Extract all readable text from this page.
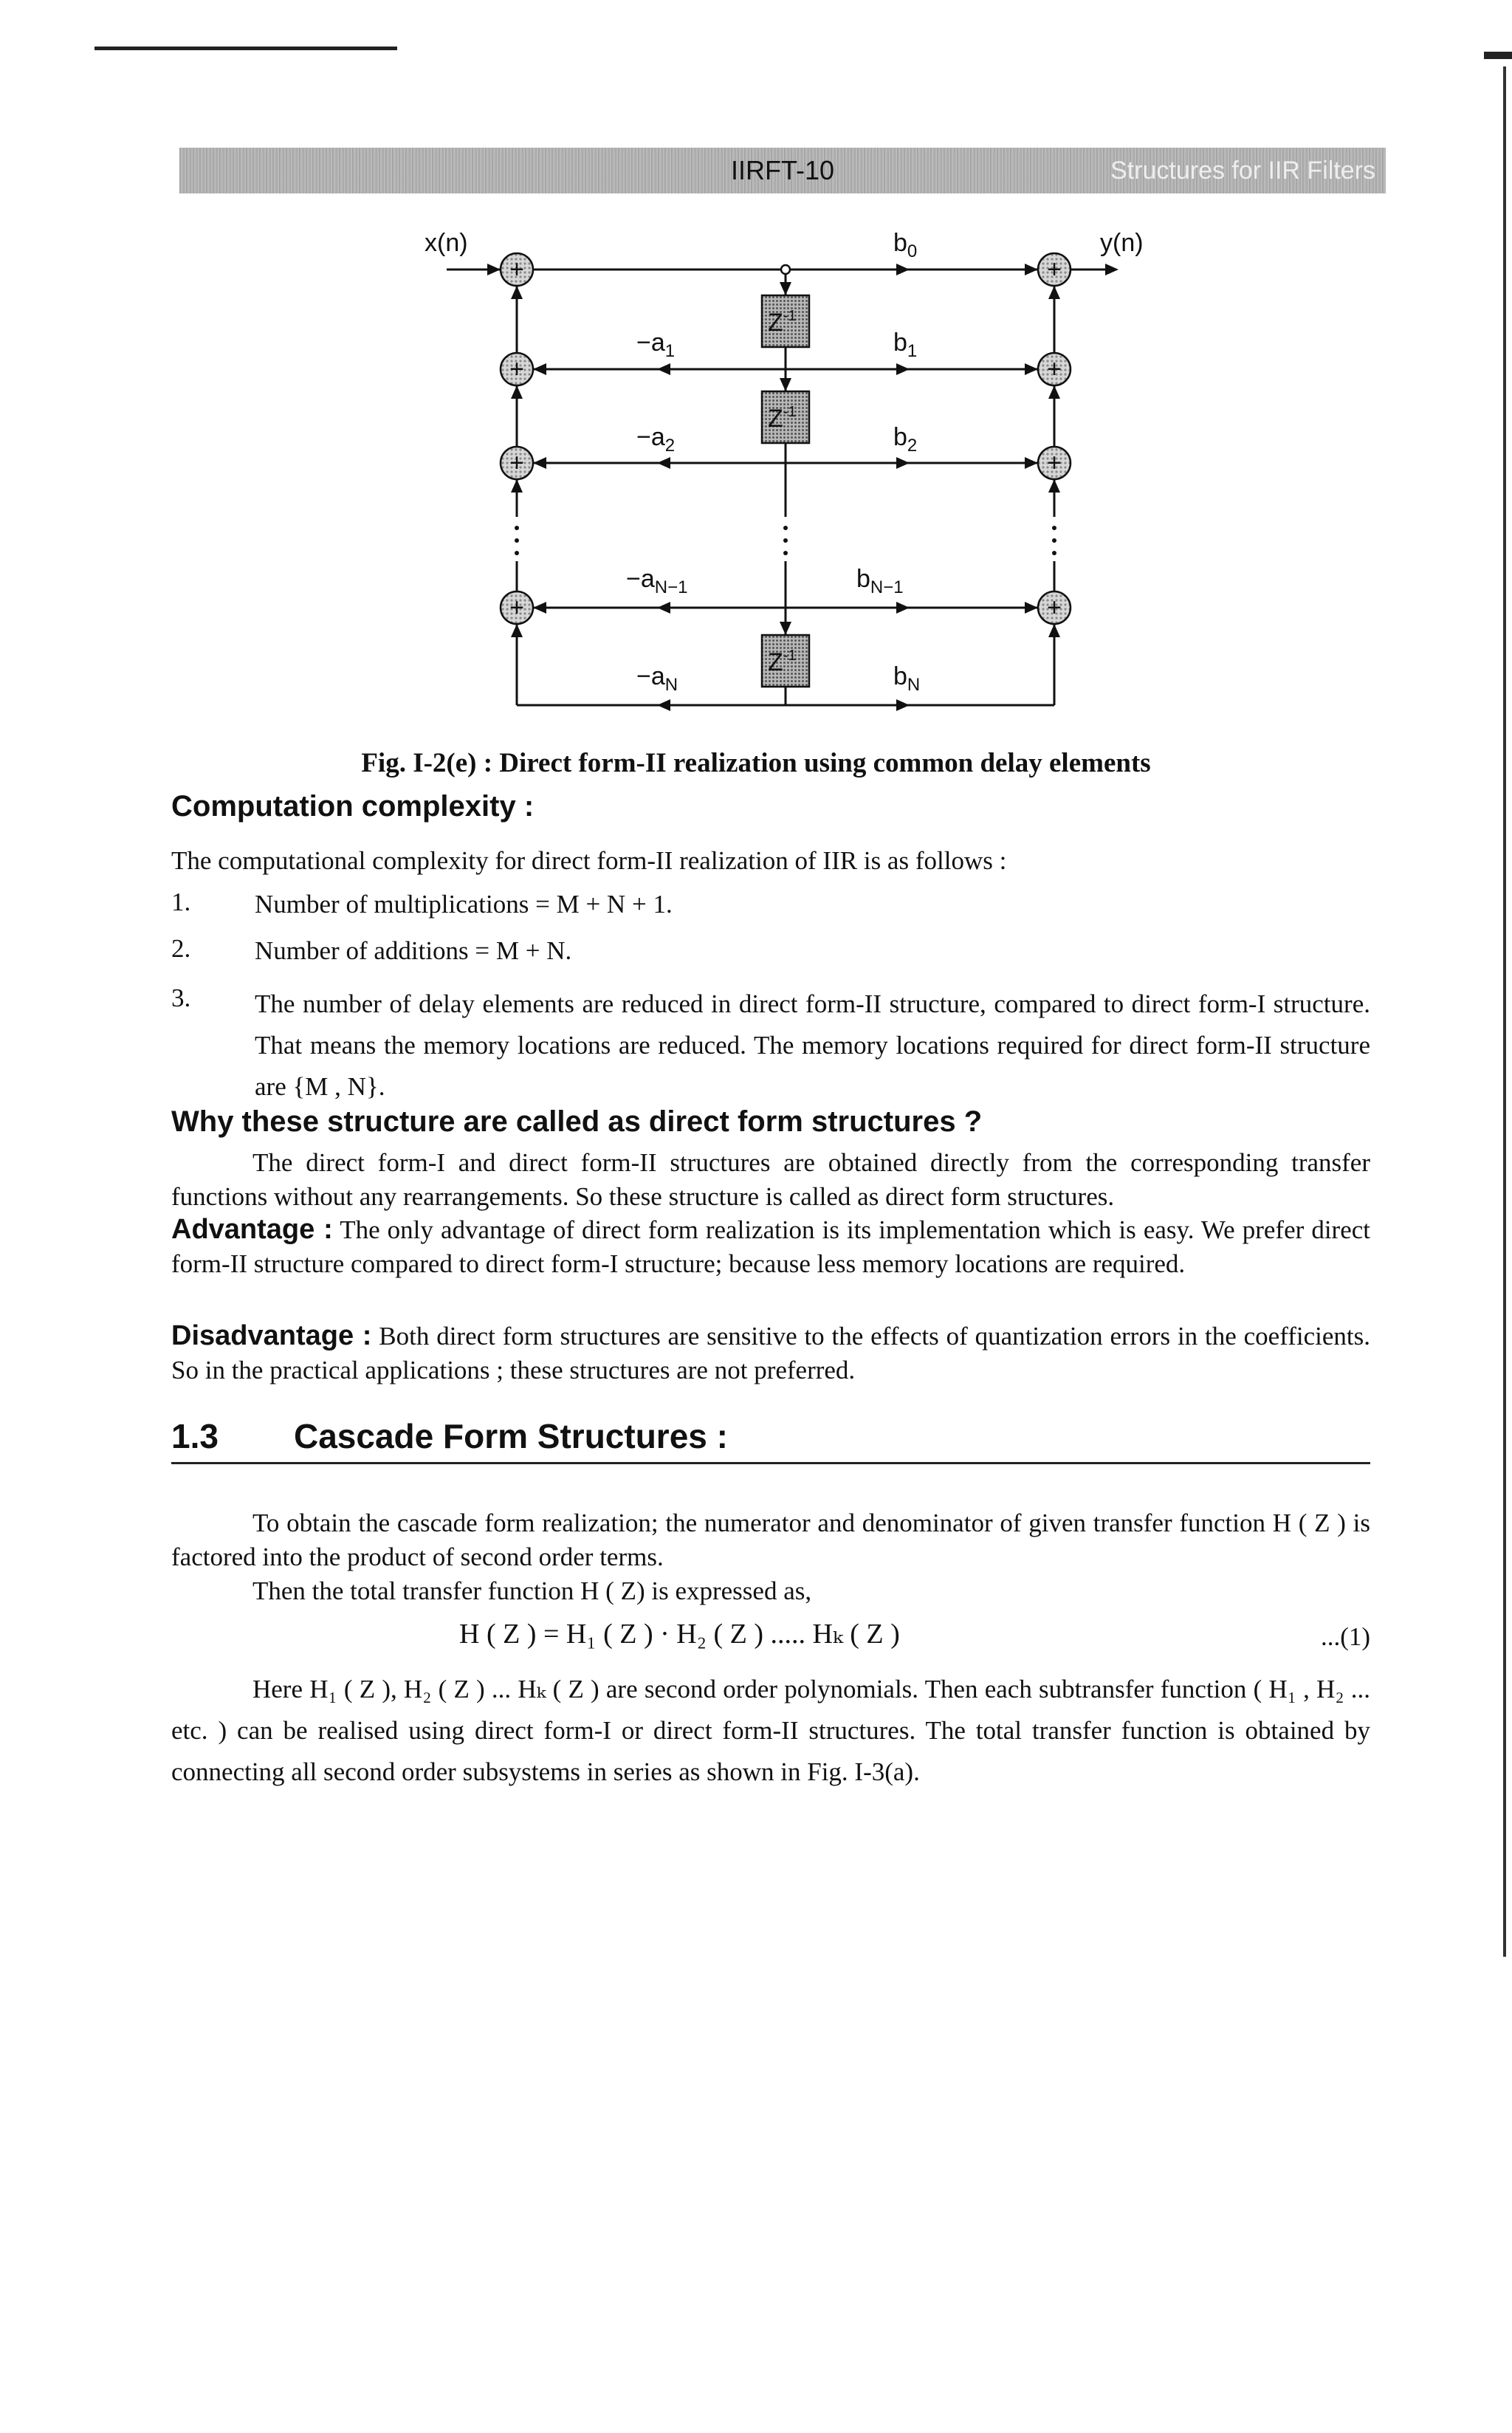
IIRFT-10	Structures for IIR Filters
+
+
+
+
+
+
+
+
$Z^{-1}$
$Z^{-1}$
$Z^{-1}$
x(n)	y(n)
$b_0$
$b_1$
$b_2$
$b_{N-1}$
$b_N$
$-a_1$
$-a_2$
$-a_{N-1}$
$-a_N$
Fig. I-2(e) : Direct form-II realization using common delay elements
Computation complexity :
The computational complexity for direct form-II realization of IIR is as follows :
1. Number of multiplications = M + N + 1.
2. Number of additions = M + N.
3. The number of delay elements are reduced in direct form-II structure, compared to direct form-I structure. That means the memory locations are reduced. The memory locations required for direct form-II structure are {M , N}.
Why these structure are called as direct form structures ?
The direct form-I and direct form-II structures are obtained directly from the corresponding transfer functions without any rearrangements. So these structure is called as direct form structures.
Advantage : The only advantage of direct form realization is its implementation which is easy. We prefer direct form-II structure compared to direct form-I structure; because less memory locations are required.
Disadvantage : Both direct form structures are sensitive to the effects of quantization errors in the coefficients. So in the practical applications ; these structures are not preferred.
1.3 Cascade Form Structures :
To obtain the cascade form realization; the numerator and denominator of given transfer function H ( Z ) is factored into the product of second order terms.
Then the total transfer function H ( Z) is expressed as,
H ( Z ) = H₁ ( Z ) · H₂ ( Z ) ..... Hₖ ( Z )	...(1)
Here H₁ ( Z ), H₂ ( Z ) ... Hₖ ( Z ) are second order polynomials. Then each subtransfer function ( H₁ , H₂ ... etc. ) can be realised using direct form-I or direct form-II structures. The total transfer function is obtained by connecting all second order subsystems in series as shown in Fig. I-3(a).
